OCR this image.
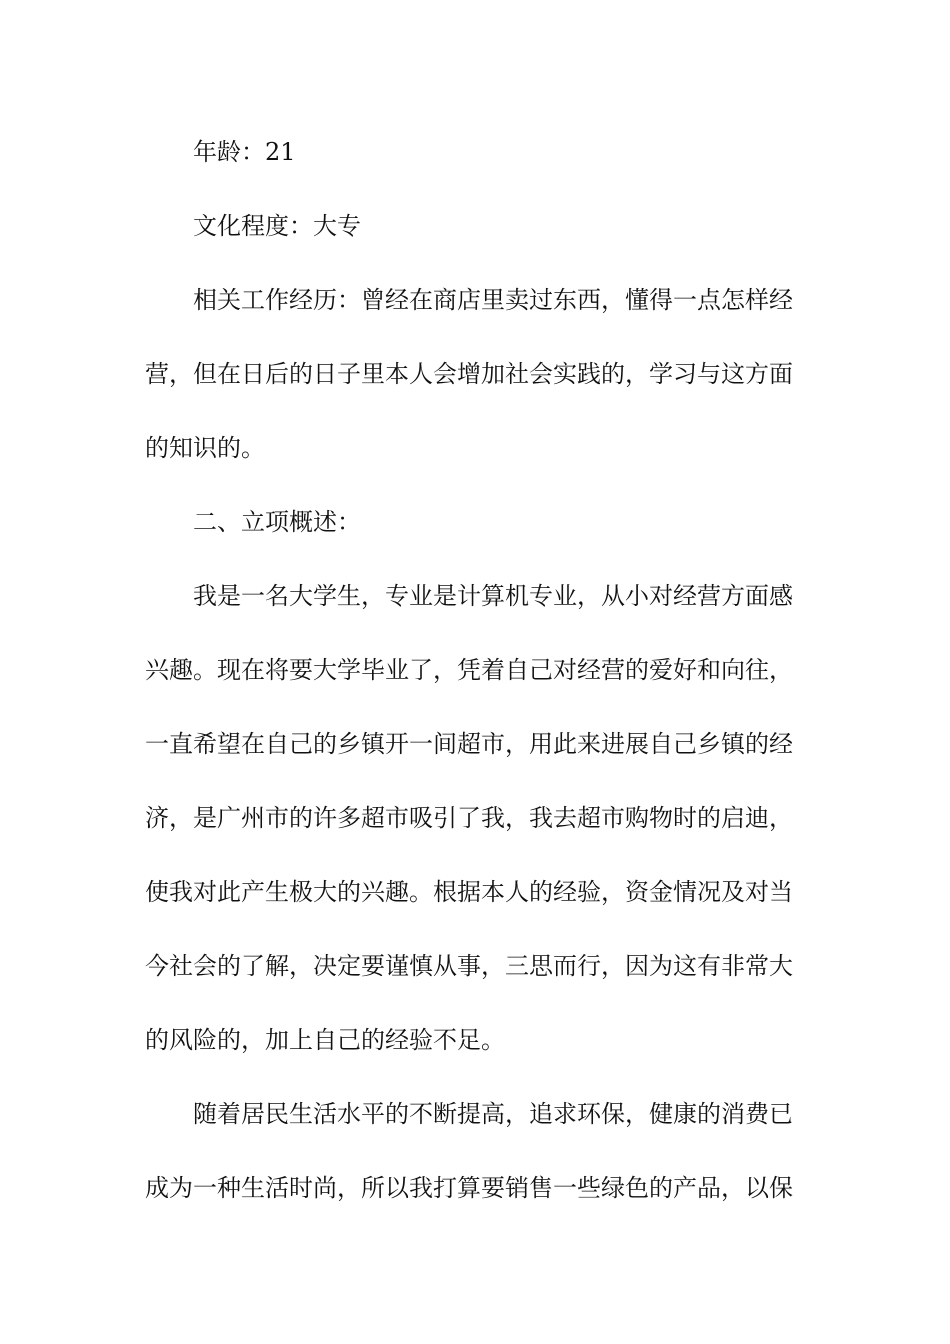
年龄：21
文化程度：大专
相关工作经历：曾经在商店里卖过东西，懂得一点怎样经
营，但在日后的日子里本人会增加社会实践的，学习与这方面
的知识的。
二、立项概述：
我是一名大学生，专业是计算机专业，从小对经营方面感
兴趣。现在将要大学毕业了，凭着自己对经营的爱好和向往，
一直希望在自己的乡镇开一间超市，用此来进展自己乡镇的经
济，是广州市的许多超市吸引了我，我去超市购物时的启迪，
使我对此产生极大的兴趣。根据本人的经验，资金情况及对当
今社会的了解，决定要谨慎从事，三思而行，因为这有非常大
的风险的，加上自己的经验不足。
随着居民生活水平的不断提高，追求环保，健康的消费已
成为一种生活时尚，所以我打算要销售一些绿色的产品，以保
